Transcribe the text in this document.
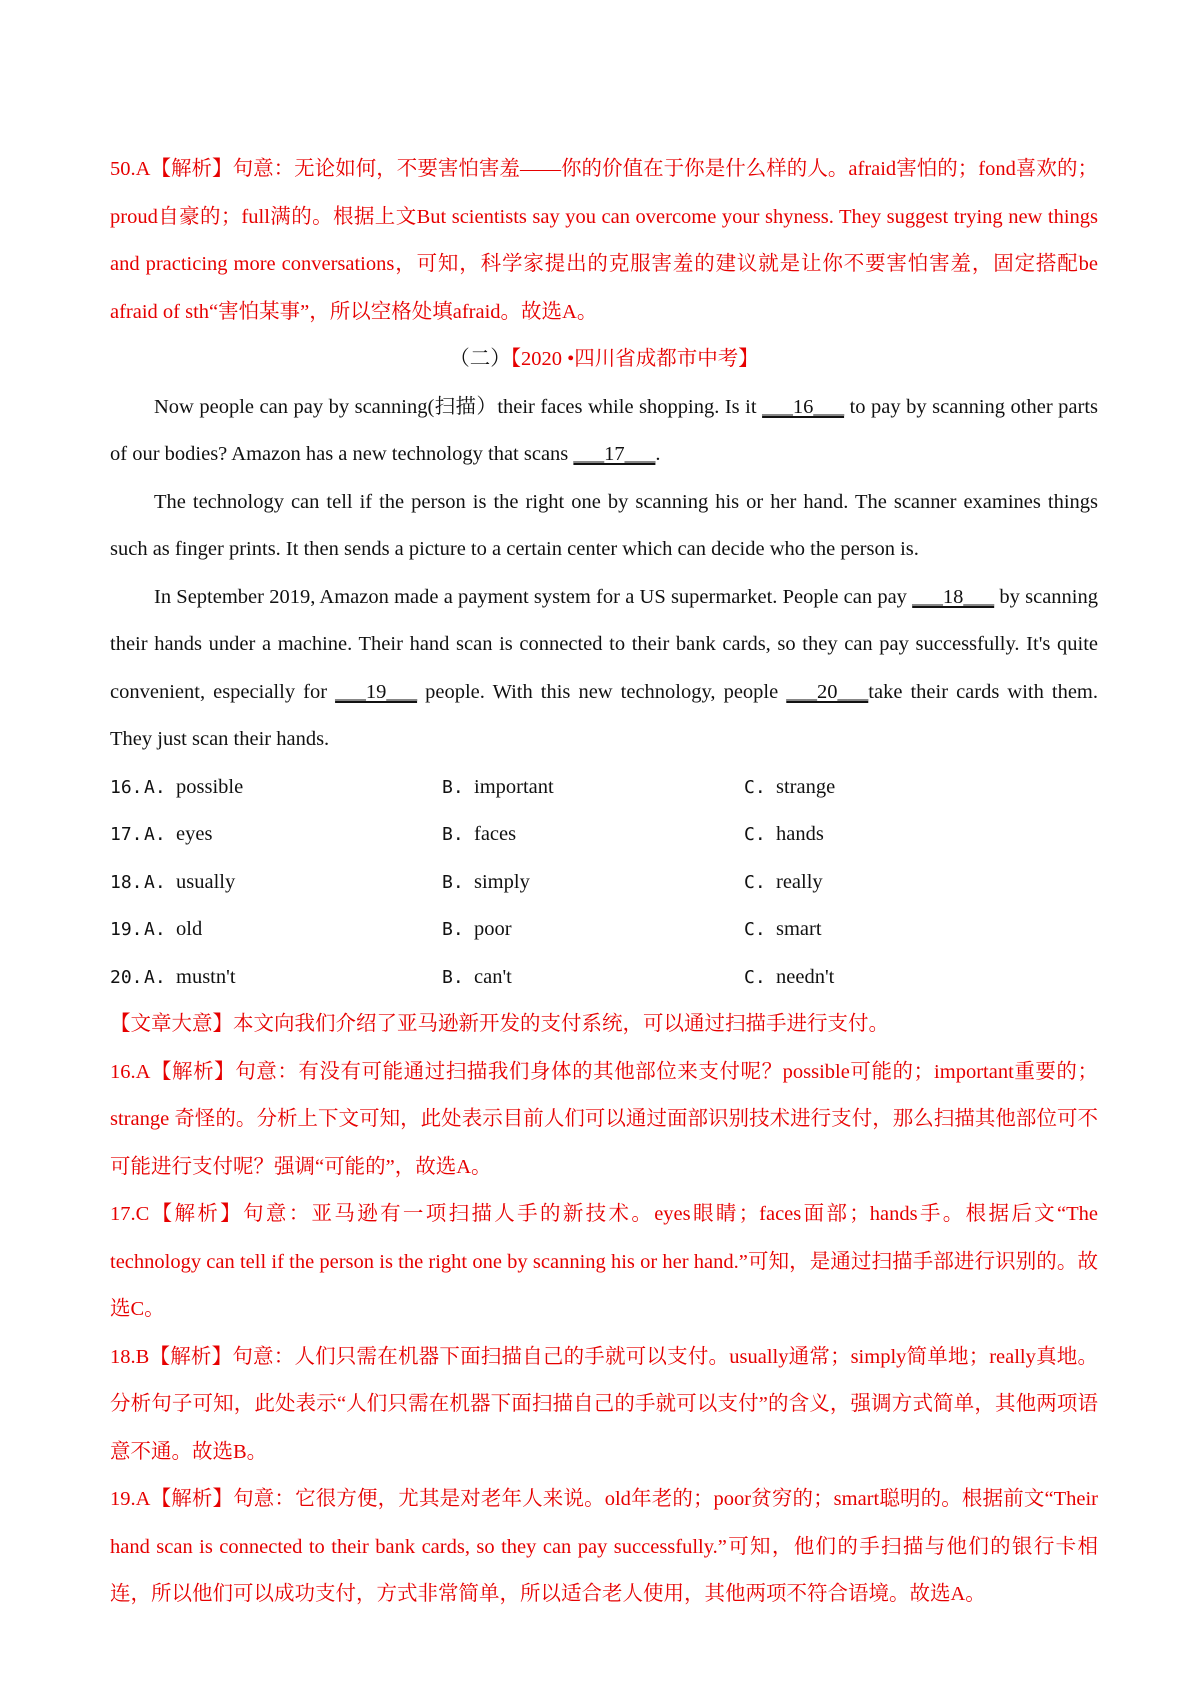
50.A【解析】句意：无论如何，不要害怕害羞——你的价值在于你是什么样的人。afraid害怕的；fond喜欢的；proud自豪的；full满的。根据上文But scientists say you can overcome your shyness. They suggest trying new things and practicing more conversations，可知，科学家提出的克服害羞的建议就是让你不要害怕害羞，固定搭配be afraid of sth“害怕某事”，所以空格处填afraid。故选A。

（二）【2020 •四川省成都市中考】

Now people can pay by scanning(扫描）their faces while shopping. Is it ___16___ to pay by scanning other parts of our bodies? Amazon has a new technology that scans ___17___.

The technology can tell if the person is the right one by scanning his or her hand. The scanner examines things such as finger prints. It then sends a picture to a certain center which can decide who the person is.

In September 2019, Amazon made a payment system for a US supermarket. People can pay ___18___ by scanning their hands under a machine. Their hand scan is connected to their bank cards, so they can pay successfully. It's quite convenient, especially for ___19___ people. With this new technology, people ___20___take their cards with them. They just scan their hands.

16. A. possible	B. important	C. strange
17. A. eyes	B. faces	C. hands
18. A. usually	B. simply	C. really
19. A. old	B. poor	C. smart
20. A. mustn't	B. can't	C. needn't

【文章大意】本文向我们介绍了亚马逊新开发的支付系统，可以通过扫描手进行支付。

16.A【解析】句意：有没有可能通过扫描我们身体的其他部位来支付呢？possible可能的；important重要的；strange 奇怪的。分析上下文可知，此处表示目前人们可以通过面部识别技术进行支付，那么扫描其他部位可不可能进行支付呢？强调“可能的”，故选A。

17.C【解析】句意：亚马逊有一项扫描人手的新技术。eyes眼睛；faces面部；hands手。根据后文“The technology can tell if the person is the right one by scanning his or her hand.”可知，是通过扫描手部进行识别的。故选C。

18.B【解析】句意：人们只需在机器下面扫描自己的手就可以支付。usually通常；simply简单地；really真地。分析句子可知，此处表示“人们只需在机器下面扫描自己的手就可以支付”的含义，强调方式简单，其他两项语意不通。故选B。

19.A【解析】句意：它很方便，尤其是对老年人来说。old年老的；poor贫穷的；smart聪明的。根据前文“Their hand scan is connected to their bank cards, so they can pay successfully.”可知，他们的手扫描与他们的银行卡相连，所以他们可以成功支付，方式非常简单，所以适合老人使用，其他两项不符合语境。故选A。
